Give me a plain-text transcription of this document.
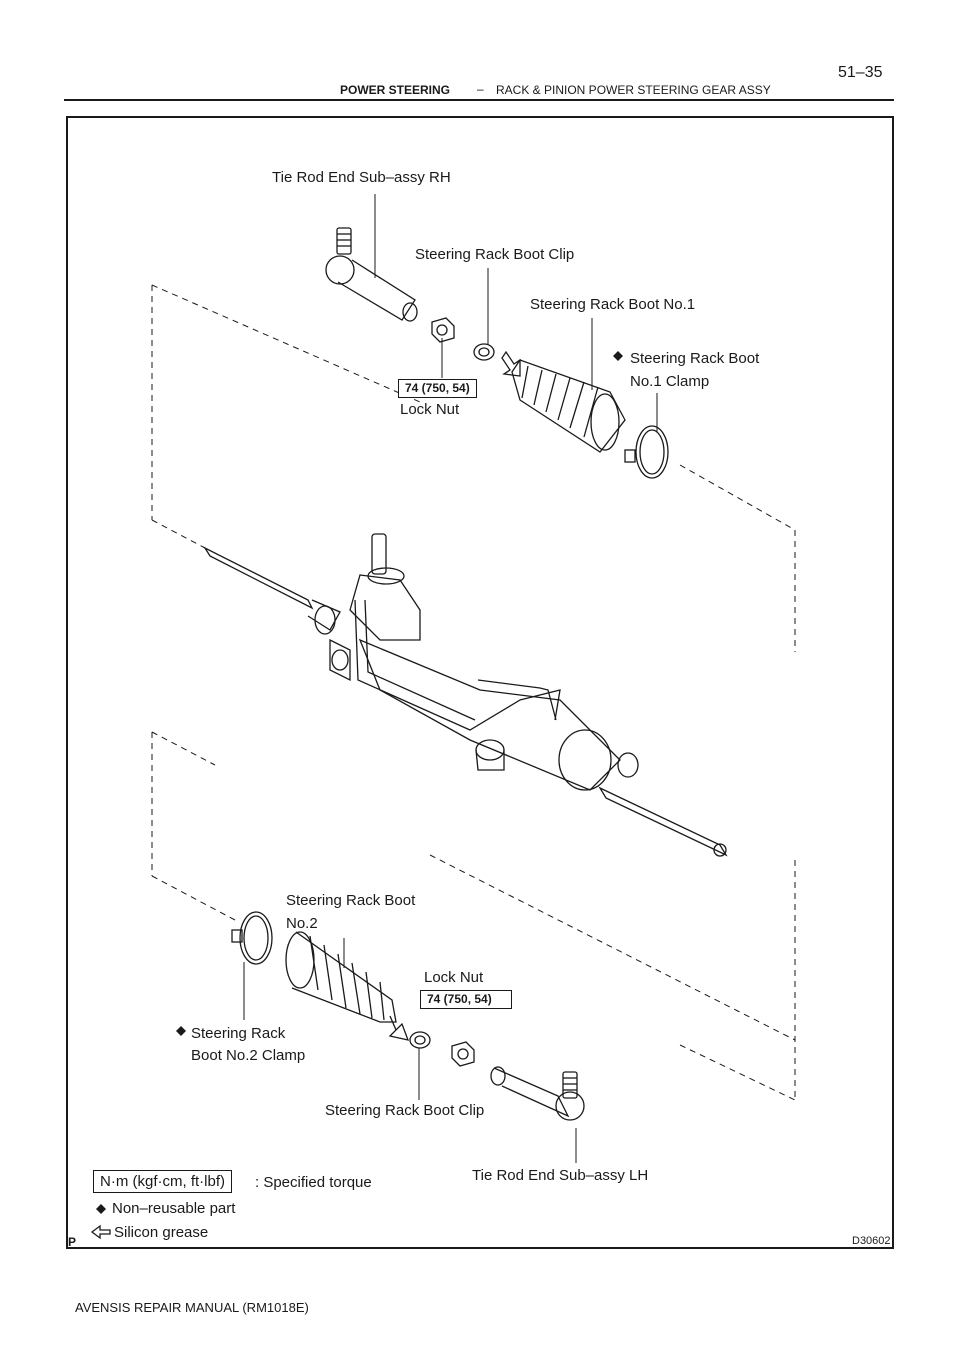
51–35
POWER STEERING – RACK & PINION POWER STEERING GEAR ASSY
Tie Rod End Sub–assy RH
Steering Rack Boot Clip
Steering Rack Boot No.1
Steering Rack Boot
No.1 Clamp
74 (750, 54)
Lock Nut
Steering Rack Boot
No.2
Lock Nut
74 (750, 54)
Steering Rack
Boot No.2 Clamp
Steering Rack Boot Clip
Tie Rod End Sub–assy LH
N·m (kgf·cm, ft·lbf)	: Specified torque
Non–reusable part
Silicon grease
P	D30602
AVENSIS REPAIR MANUAL (RM1018E)
